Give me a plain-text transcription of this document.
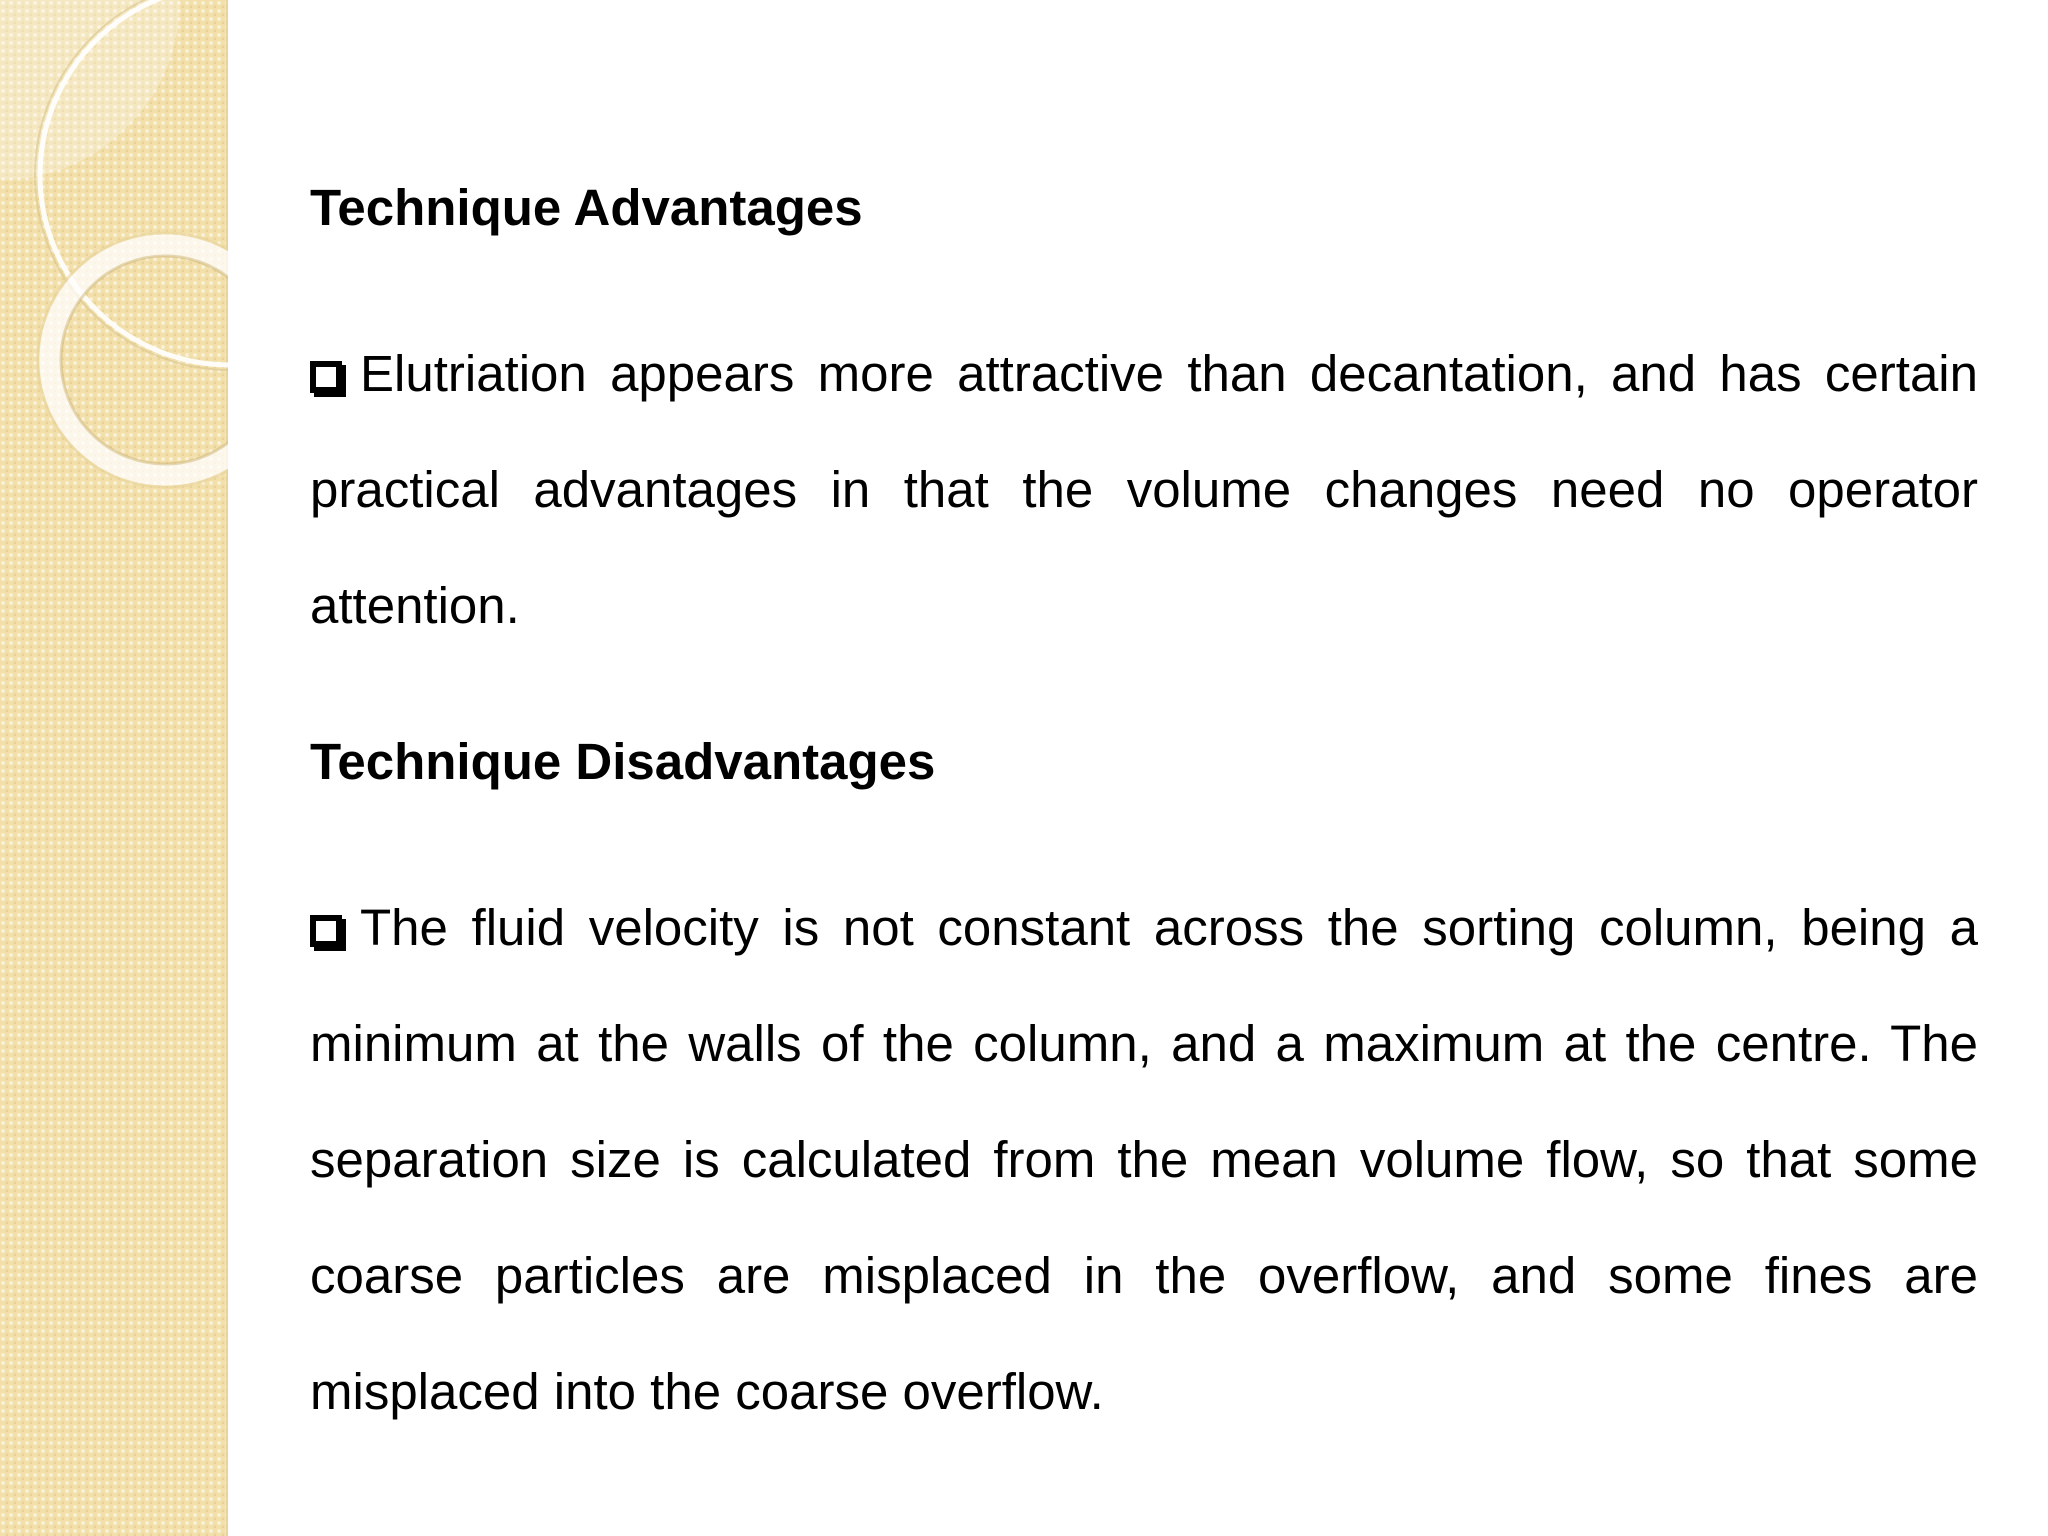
Technique Advantages

Elutriation appears more attractive than decantation, and has certain practical advantages in that the volume changes need no operator attention.

Technique Disadvantages

The fluid velocity is not constant across the sorting column, being a minimum at the walls of the column, and a maximum at the centre. The separation size is calculated from the mean volume flow, so that some coarse particles are misplaced in the overflow, and some fines are misplaced into the coarse overflow.
